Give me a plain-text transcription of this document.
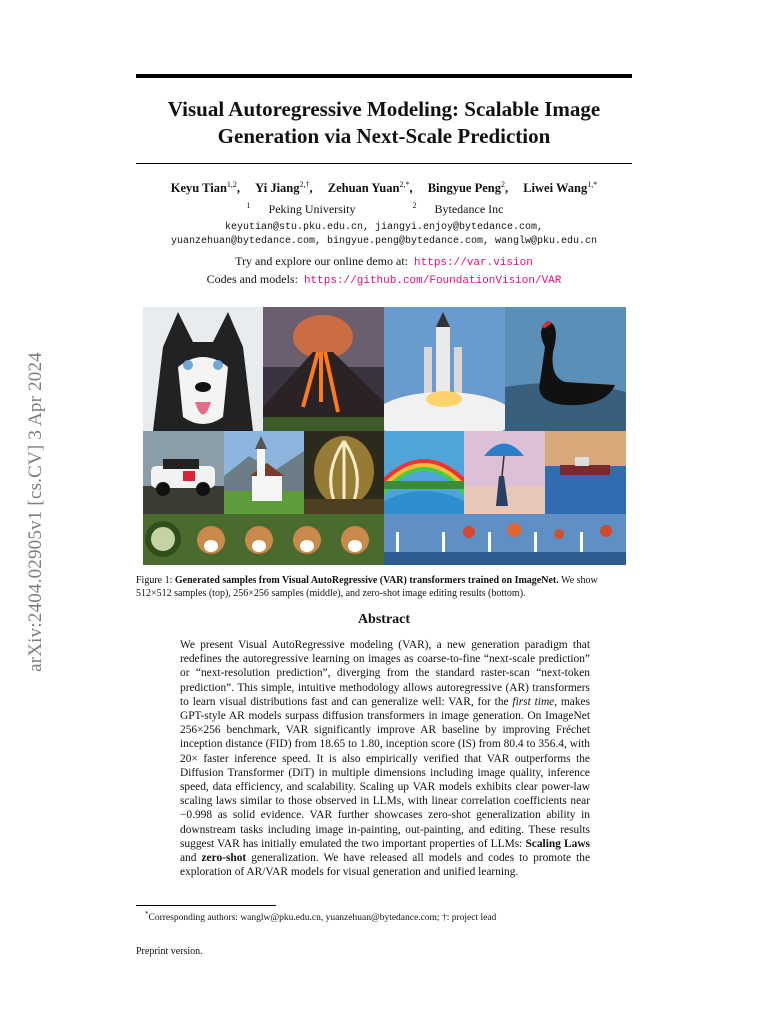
arXiv:2404.02905v1 [cs.CV] 3 Apr 2024
Visual Autoregressive Modeling: Scalable Image
Generation via Next-Scale Prediction
Keyu Tian$^{1,2}$, Yi Jiang$^{2,\dagger}$, Zehuan Yuan$^{2,*}$, Bingyue Peng$^2$, Liwei Wang$^{1,*}$
$^1$ Peking University	$^2$ Bytedance Inc
keyutian@stu.pku.edu.cn, jiangyi.enjoy@bytedance.com,
yuanzehuan@bytedance.com, bingyue.peng@bytedance.com, wanglw@pku.edu.cn
Try and explore our online demo at: https://var.vision
Codes and models: https://github.com/FoundationVision/VAR
Figure 1: Generated samples from Visual AutoRegressive (VAR) transformers trained on ImageNet. We show 512×512 samples (top), 256×256 samples (middle), and zero-shot image editing results (bottom).
Abstract
We present Visual AutoRegressive modeling (VAR), a new generation paradigm that redefines the autoregressive learning on images as coarse-to-fine “next-scale prediction” or “next-resolution prediction”, diverging from the standard raster-scan “next-token prediction”. This simple, intuitive methodology allows autoregressive (AR) transformers to learn visual distributions fast and can generalize well: VAR, for the first time, makes GPT-style AR models surpass diffusion transformers in image generation. On ImageNet 256×256 benchmark, VAR significantly improve AR baseline by improving Fréchet inception distance (FID) from 18.65 to 1.80, inception score (IS) from 80.4 to 356.4, with 20× faster inference speed. It is also empirically verified that VAR outperforms the Diffusion Transformer (DiT) in multiple dimensions including image quality, inference speed, data efficiency, and scalability. Scaling up VAR models exhibits clear power-law scaling laws similar to those observed in LLMs, with linear correlation coefficients near −0.998 as solid evidence. VAR further showcases zero-shot generalization ability in downstream tasks including image in-painting, out-painting, and editing. These results suggest VAR has initially emulated the two important properties of LLMs: Scaling Laws and zero-shot generalization. We have released all models and codes to promote the exploration of AR/VAR models for visual generation and unified learning.
*Corresponding authors: wanglw@pku.edu.cn, yuanzehuan@bytedance.com; †: project lead
Preprint version.
